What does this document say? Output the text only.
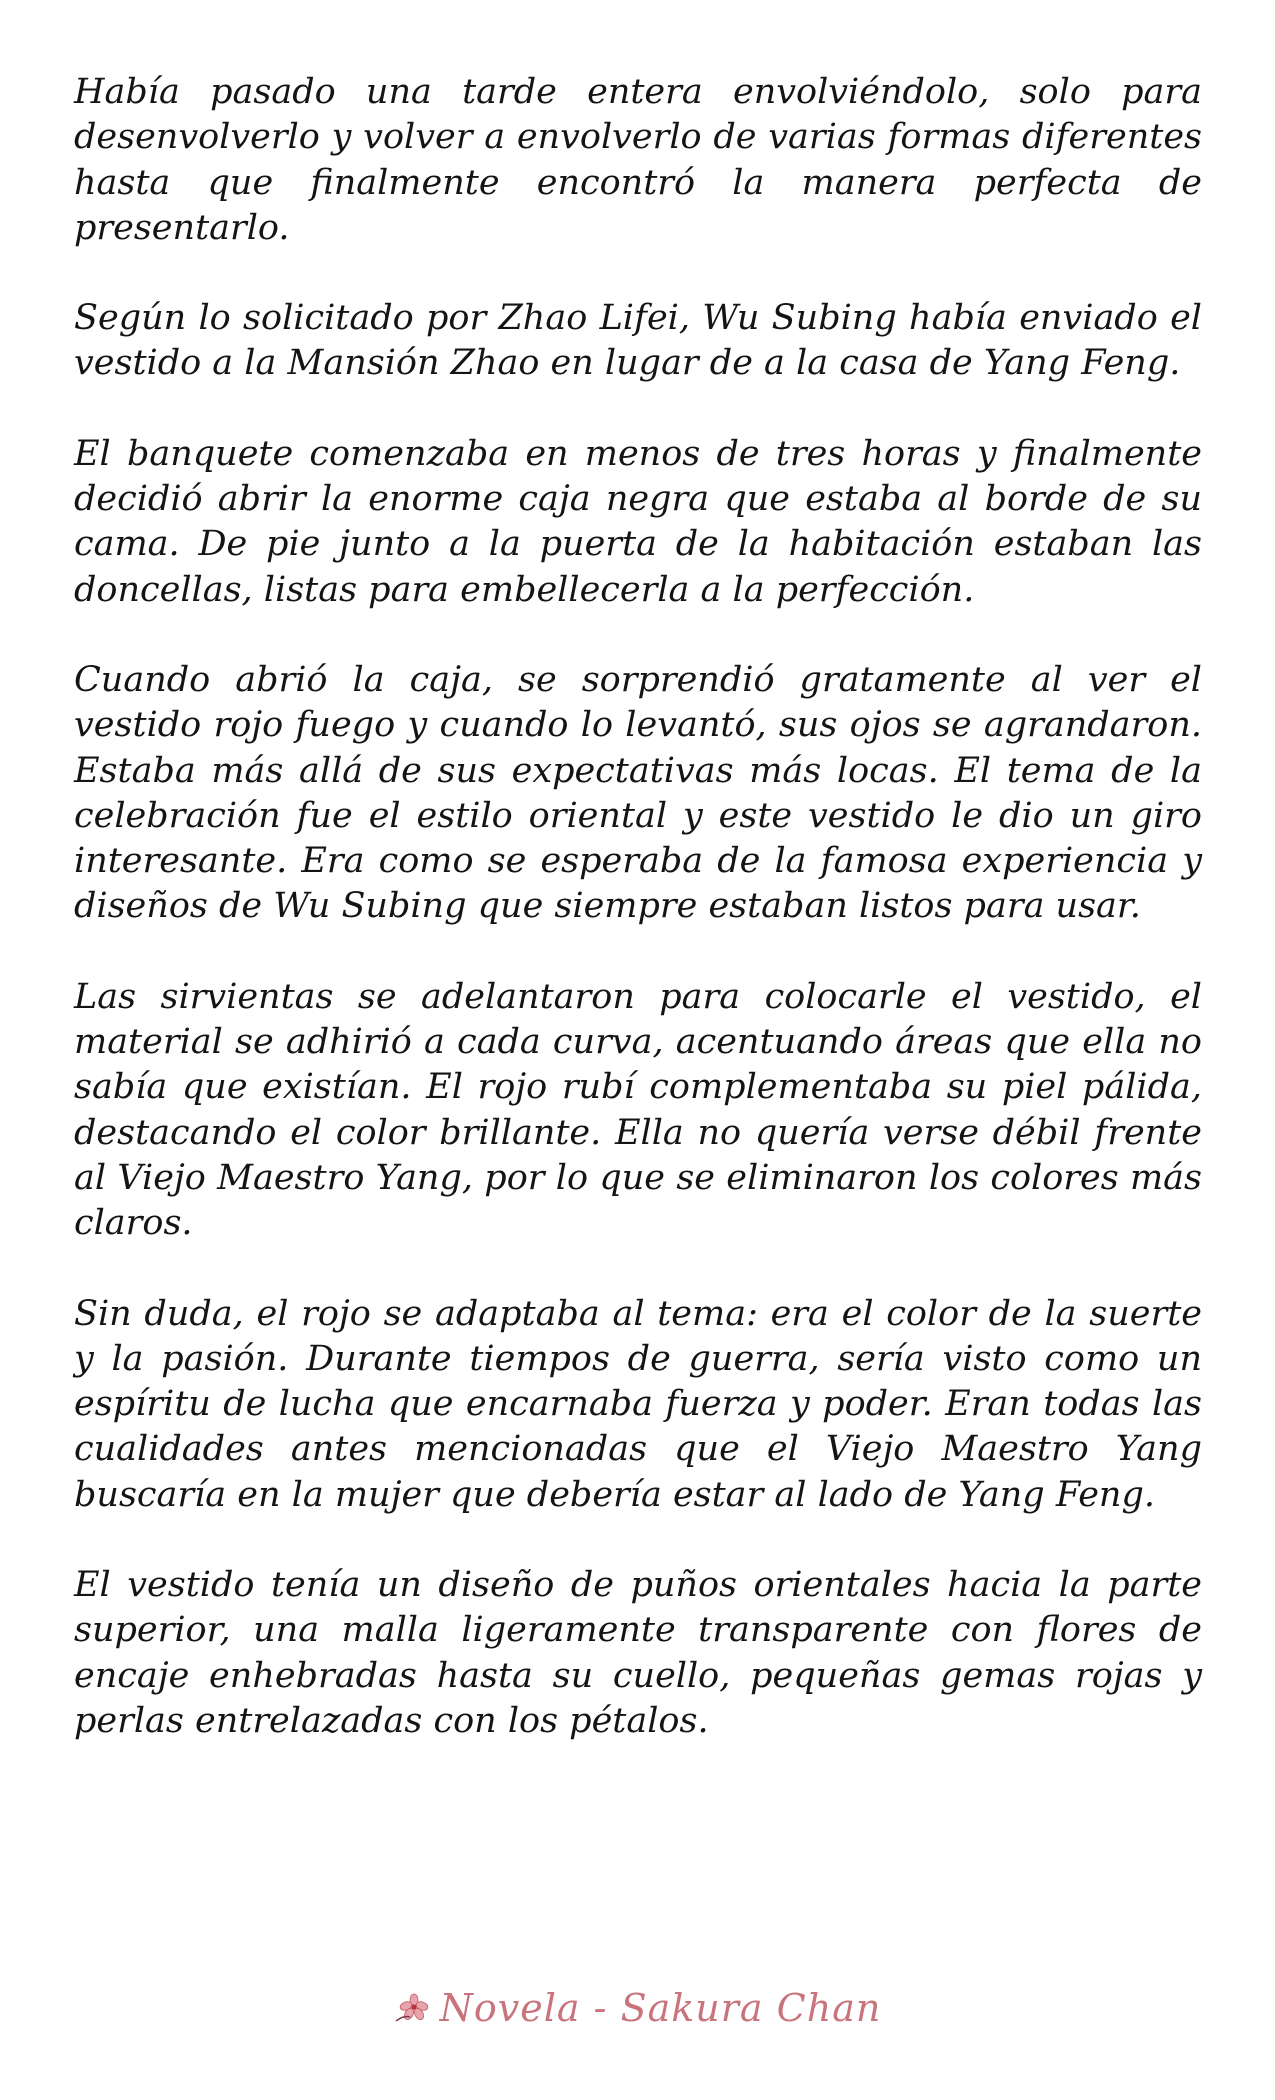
Había pasado una tarde entera envolviéndolo, solo para desenvolverlo y volver a envolverlo de varias formas diferentes hasta que finalmente encontró la manera perfecta de presentarlo.

Según lo solicitado por Zhao Lifei, Wu Subing había enviado el vestido a la Mansión Zhao en lugar de a la casa de Yang Feng.

El banquete comenzaba en menos de tres horas y finalmente decidió abrir la enorme caja negra que estaba al borde de su cama. De pie junto a la puerta de la habitación estaban las doncellas, listas para embellecerla a la perfección.

Cuando abrió la caja, se sorprendió gratamente al ver el vestido rojo fuego y cuando lo levantó, sus ojos se agrandaron. Estaba más allá de sus expectativas más locas. El tema de la celebración fue el estilo oriental y este vestido le dio un giro interesante. Era como se esperaba de la famosa experiencia y diseños de Wu Subing que siempre estaban listos para usar.

Las sirvientas se adelantaron para colocarle el vestido, el material se adhirió a cada curva, acentuando áreas que ella no sabía que existían. El rojo rubí complementaba su piel pálida, destacando el color brillante. Ella no quería verse débil frente al Viejo Maestro Yang, por lo que se eliminaron los colores más claros.

Sin duda, el rojo se adaptaba al tema: era el color de la suerte y la pasión. Durante tiempos de guerra, sería visto como un espíritu de lucha que encarnaba fuerza y poder. Eran todas las cualidades antes mencionadas que el Viejo Maestro Yang buscaría en la mujer que debería estar al lado de Yang Feng.

El vestido tenía un diseño de puños orientales hacia la parte superior, una malla ligeramente transparente con flores de encaje enhebradas hasta su cuello, pequeñas gemas rojas y perlas entrelazadas con los pétalos.

Novela - Sakura Chan
